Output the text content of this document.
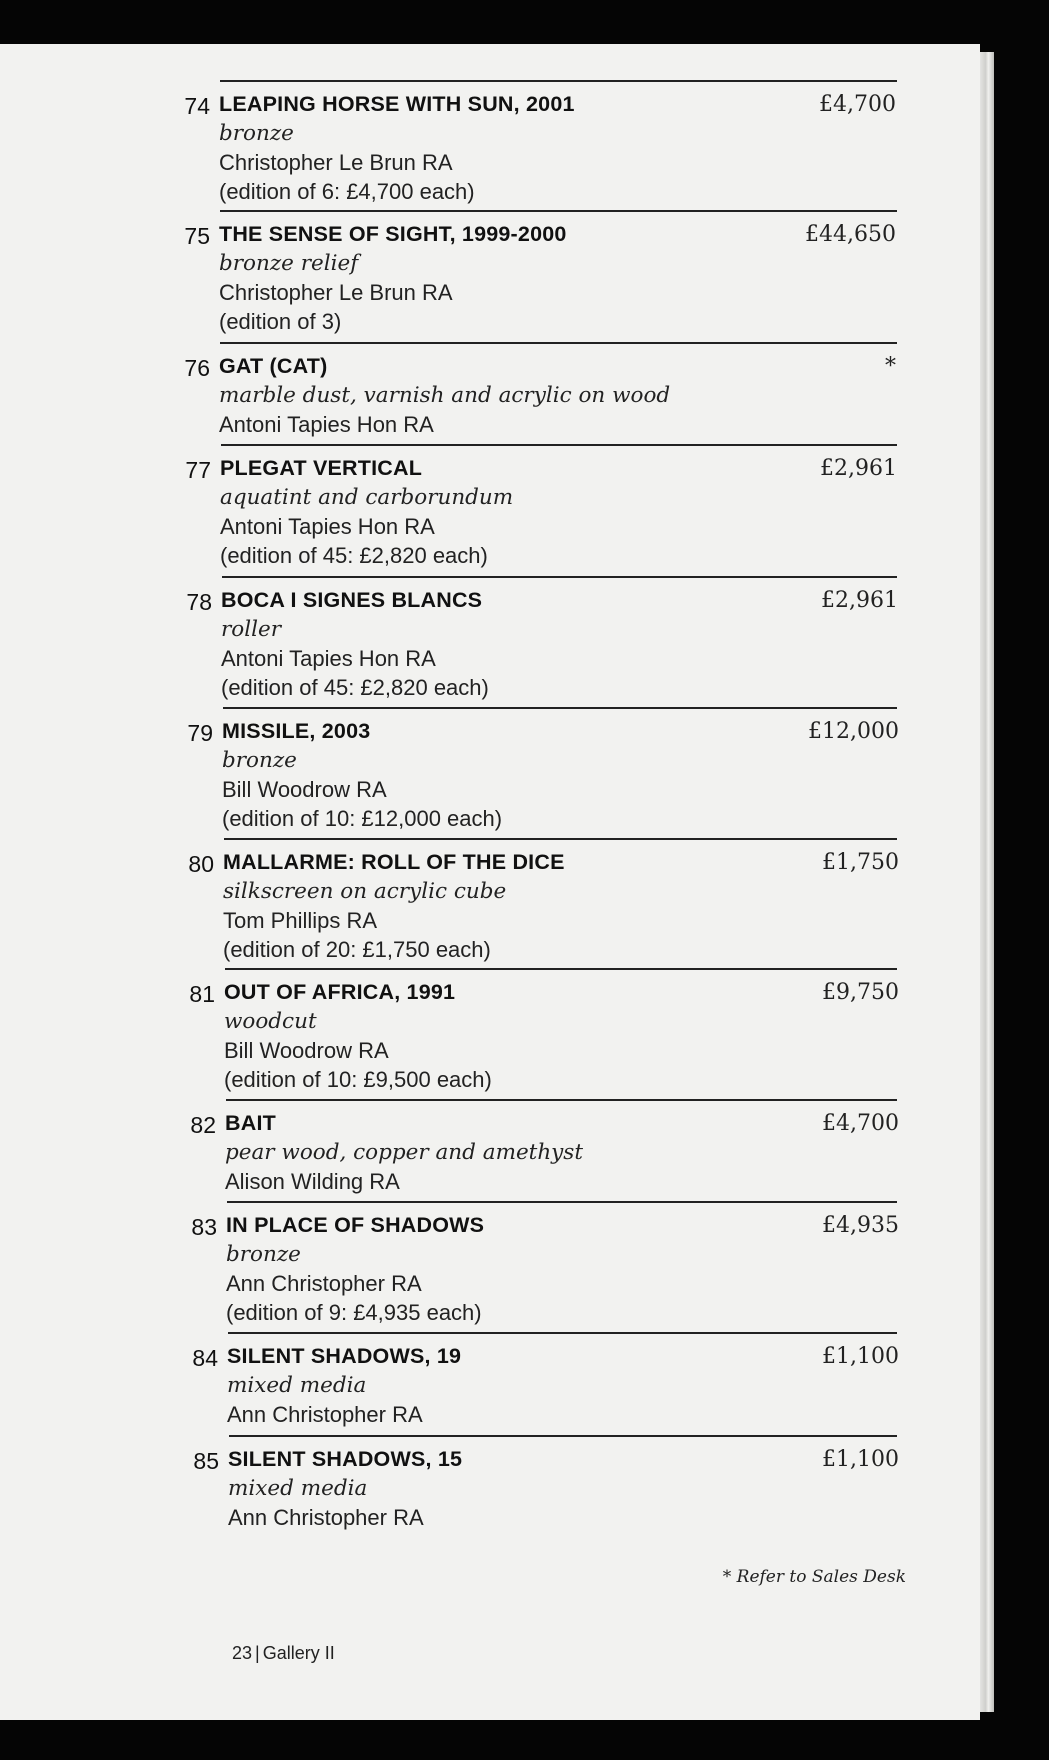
74 LEAPING HORSE WITH SUN, 2001
bronze
Christopher Le Brun RA
(edition of 6: £4,700 each)
£4,700
75 THE SENSE OF SIGHT, 1999-2000
bronze relief
Christopher Le Brun RA
(edition of 3)
£44,650
76 GAT (CAT)
marble dust, varnish and acrylic on wood
Antoni Tapies Hon RA
*
77 PLEGAT VERTICAL
aquatint and carborundum
Antoni Tapies Hon RA
(edition of 45: £2,820 each)
£2,961
78 BOCA I SIGNES BLANCS
roller
Antoni Tapies Hon RA
(edition of 45: £2,820 each)
£2,961
79 MISSILE, 2003
bronze
Bill Woodrow RA
(edition of 10: £12,000 each)
£12,000
80 MALLARME: ROLL OF THE DICE
silkscreen on acrylic cube
Tom Phillips RA
(edition of 20: £1,750 each)
£1,750
81 OUT OF AFRICA, 1991
woodcut
Bill Woodrow RA
(edition of 10: £9,500 each)
£9,750
82 BAIT
pear wood, copper and amethyst
Alison Wilding RA
£4,700
83 IN PLACE OF SHADOWS
bronze
Ann Christopher RA
(edition of 9: £4,935 each)
£4,935
84 SILENT SHADOWS, 19
mixed media
Ann Christopher RA
£1,100
85 SILENT SHADOWS, 15
mixed media
Ann Christopher RA
£1,100
* Refer to Sales Desk
23 | Gallery II
